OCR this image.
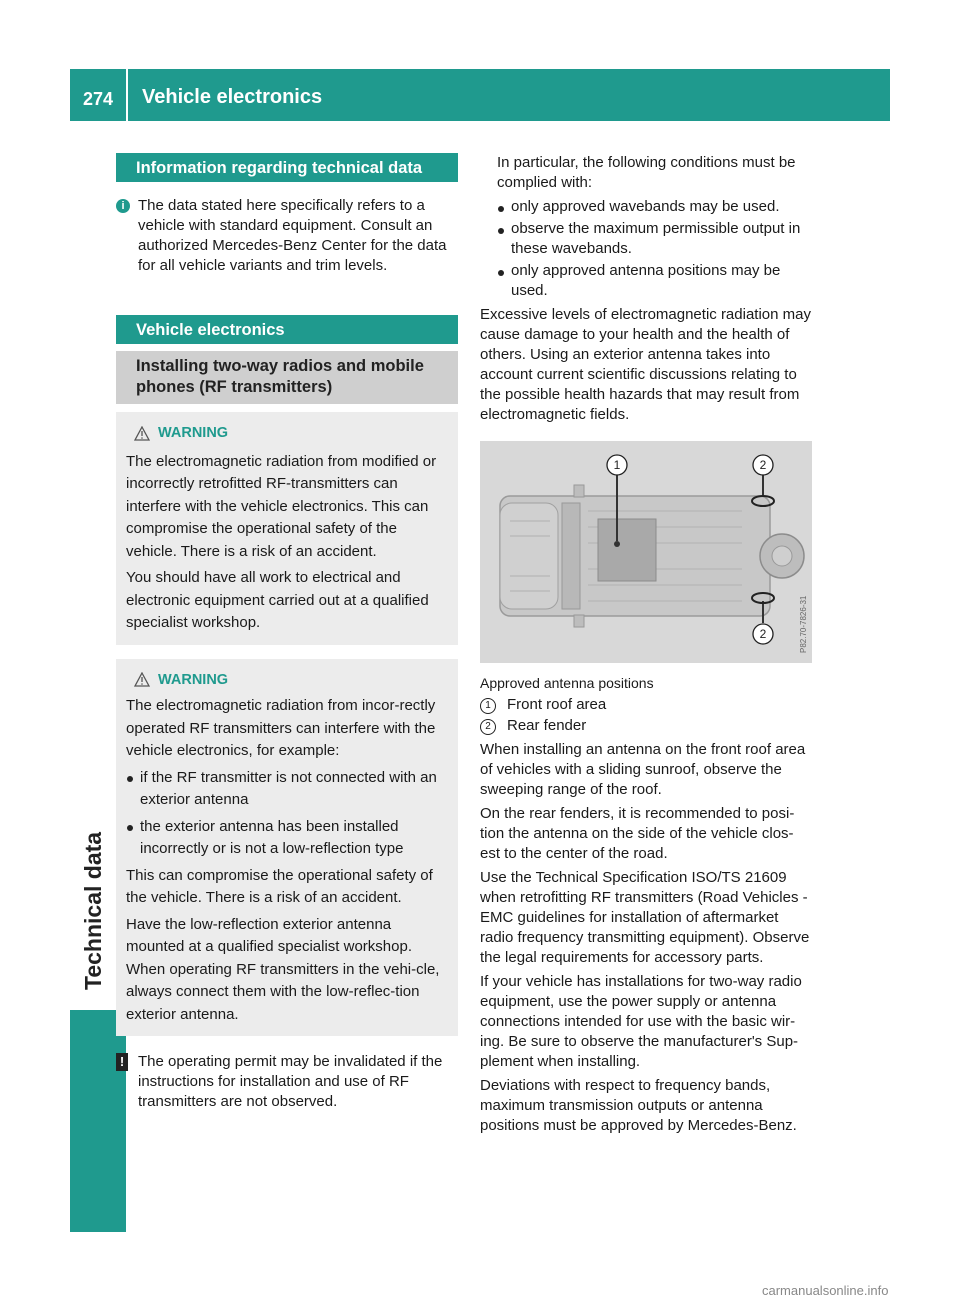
274 Vehicle electronics
Technical data
Information regarding technical data
i The data stated here specifically refers to a vehicle with standard equipment. Consult an authorized Mercedes-Benz Center for the data for all vehicle variants and trim levels.

Vehicle electronics
Installing two-way radios and mobile phones (RF transmitters)
WARNING

The electromagnetic radiation from modified or incorrectly retrofitted RF-transmitters can interfere with the vehicle electronics. This can compromise the operational safety of the vehicle. There is a risk of an accident.

You should have all work to electrical and electronic equipment carried out at a qualified specialist workshop.

WARNING

The electromagnetic radiation from incor-rectly operated RF transmitters can interfere with the vehicle electronics, for example:

if the RF transmitter is not connected with an exterior antenna
the exterior antenna has been installed incorrectly or is not a low-reflection type

This can compromise the operational safety of the vehicle. There is a risk of an accident.

Have the low-reflection exterior antenna mounted at a qualified specialist workshop. When operating RF transmitters in the vehi-cle, always connect them with the low-reflec-tion exterior antenna.

! The operating permit may be invalidated if the instructions for installation and use of RF transmitters are not observed.

In particular, the following conditions must be complied with:

only approved wavebands may be used.
observe the maximum permissible output in these wavebands.
only approved antenna positions may be used.

Excessive levels of electromagnetic radiation may cause damage to your health and the health of others. Using an exterior antenna takes into account current scientific discussions relating to the possible health hazards that may result from electromagnetic fields.

1	2
2	P82.70-7826-31

Approved antenna positions

1	Front roof area
2	Rear fender

When installing an antenna on the front roof area of vehicles with a sliding sunroof, observe the sweeping range of the roof.

On the rear fenders, it is recommended to posi-tion the antenna on the side of the vehicle clos-est to the center of the road.

Use the Technical Specification ISO/TS 21609 when retrofitting RF transmitters (Road Vehicles - EMC guidelines for installation of aftermarket radio frequency transmitting equipment). Observe the legal requirements for accessory parts.

If your vehicle has installations for two-way radio equipment, use the power supply or antenna connections intended for use with the basic wir-ing. Be sure to observe the manufacturer's Sup-plement when installing.

Deviations with respect to frequency bands, maximum transmission outputs or antenna positions must be approved by Mercedes-Benz.

carmanualsonline.info
